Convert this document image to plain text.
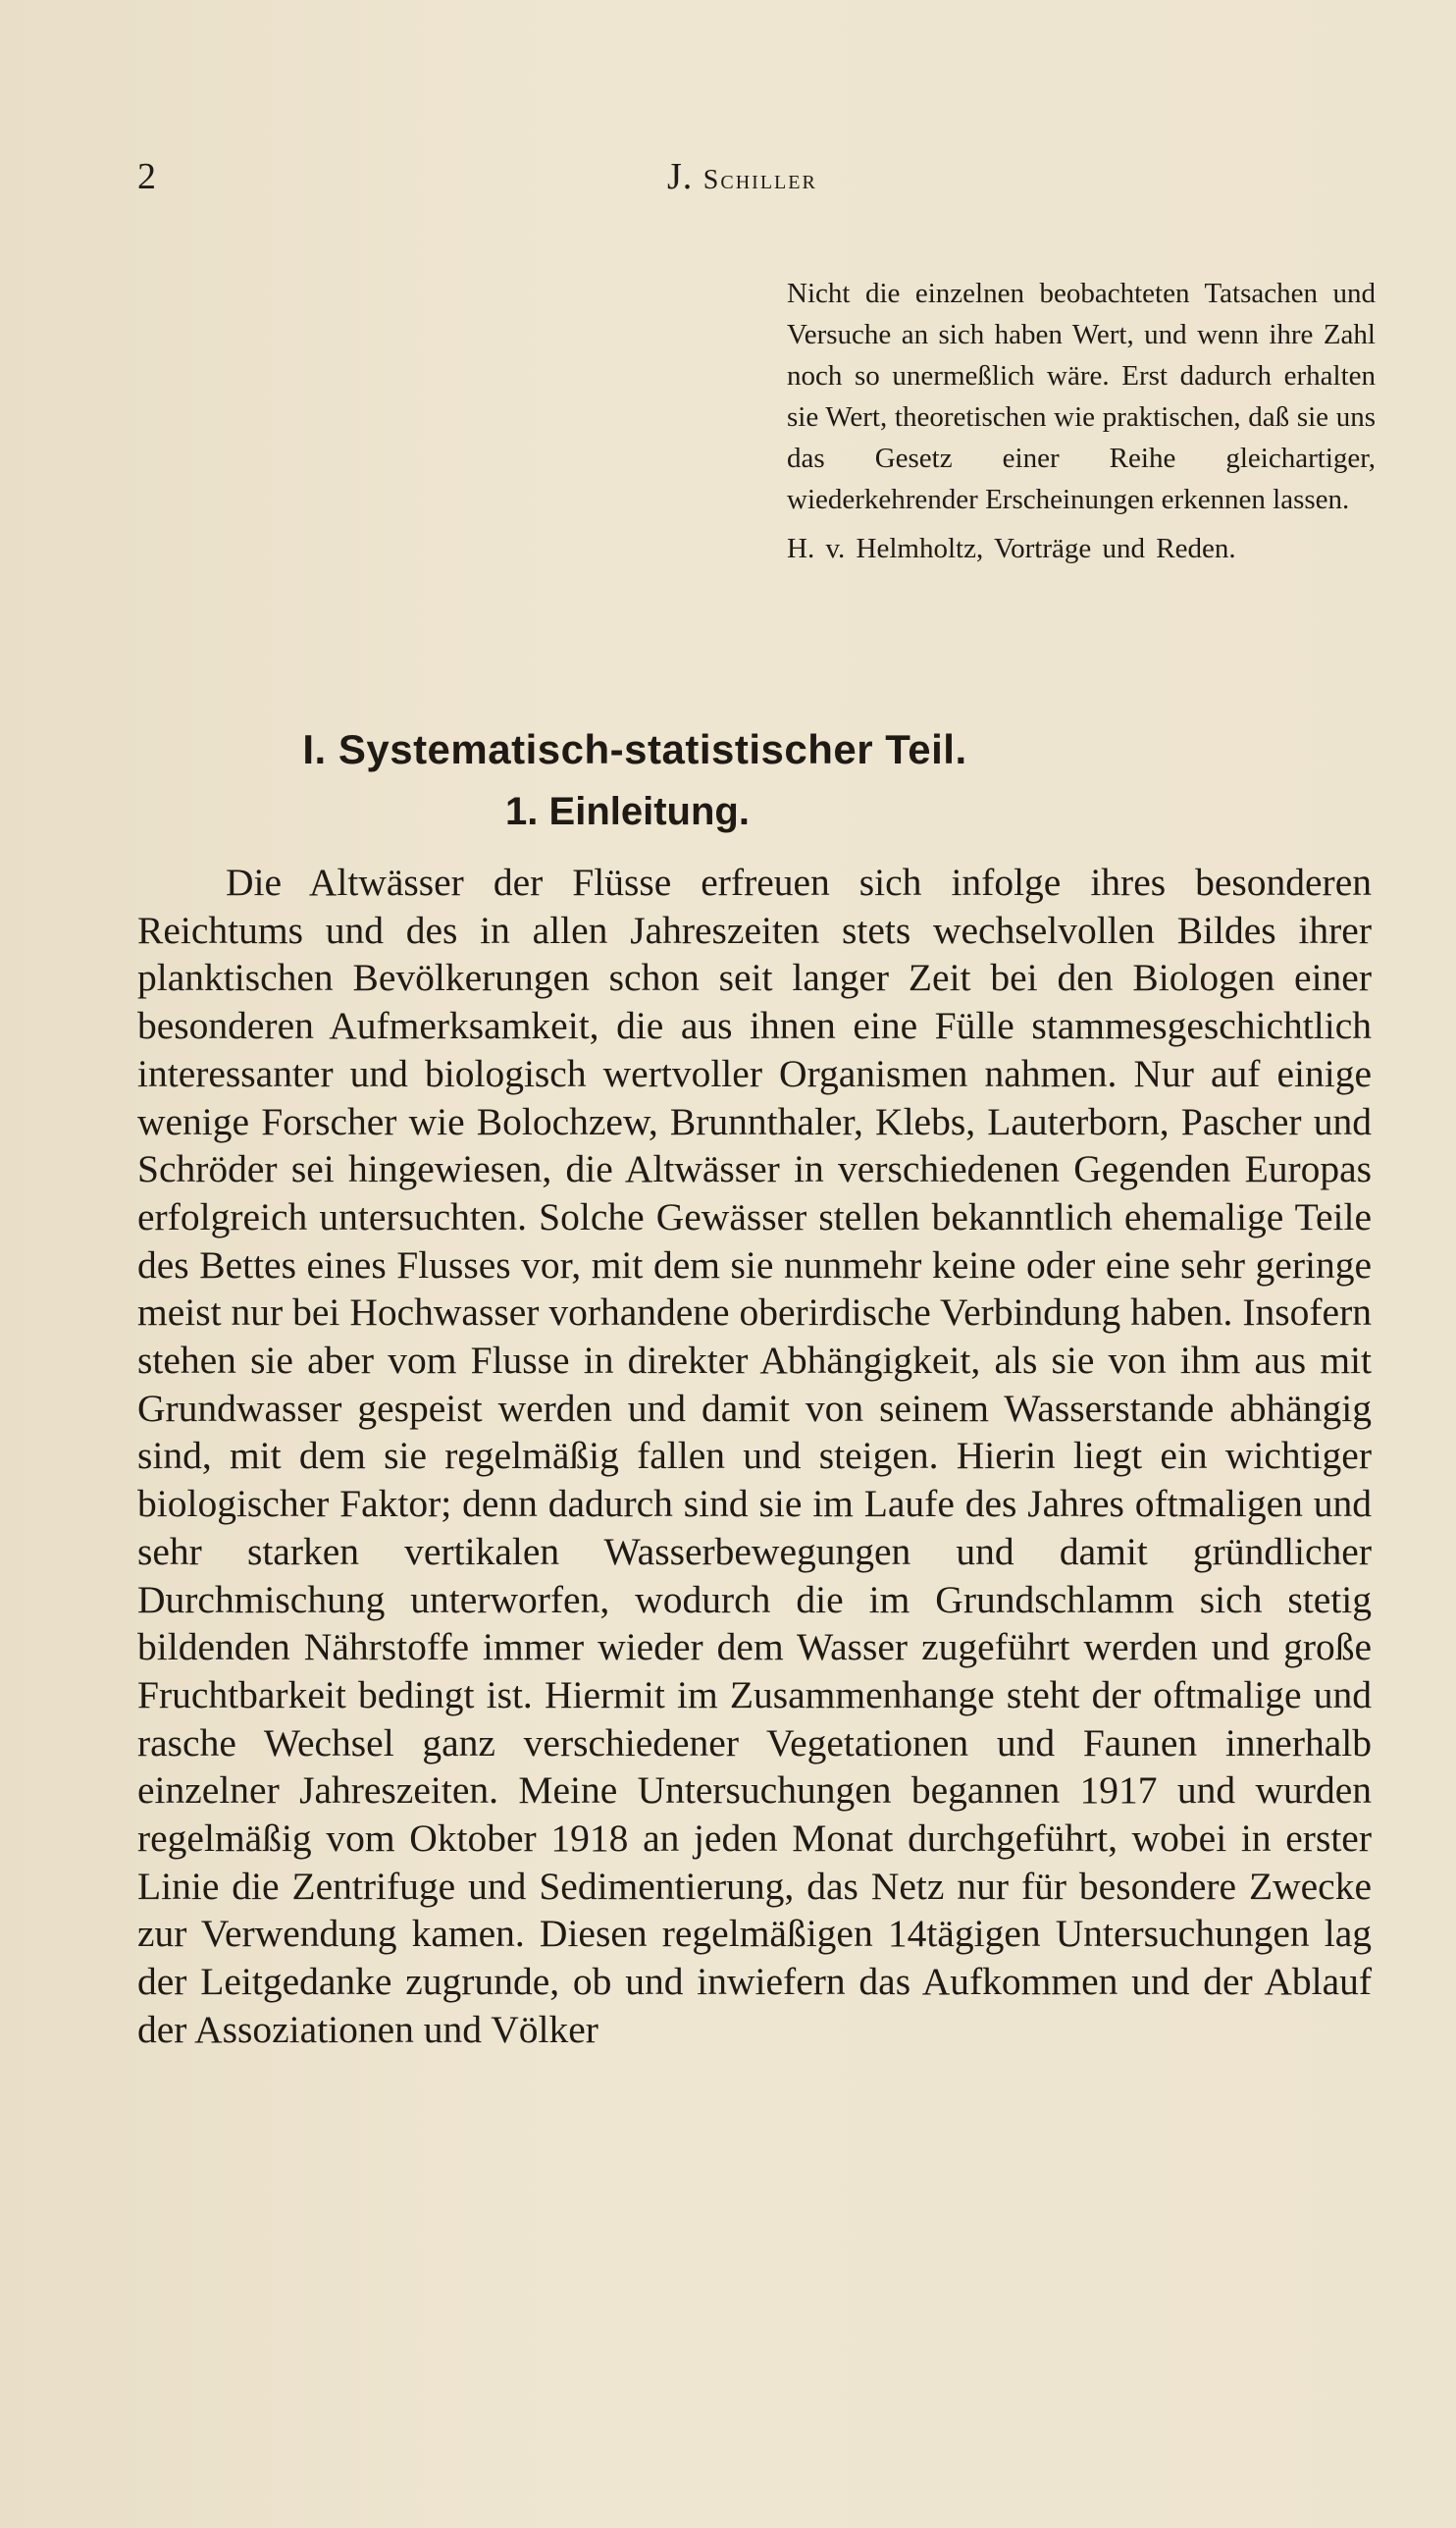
2	J. Schiller

Nicht die einzelnen beobachteten Tatsachen und Versuche an sich haben Wert, und wenn ihre Zahl noch so unermeßlich wäre. Erst dadurch erhalten sie Wert, theoretischen wie praktischen, daß sie uns das Gesetz einer Reihe gleichartiger, wiederkehrender Erscheinungen erkennen lassen.

H. v. Helmholtz, Vorträge und Reden.

I. Systematisch-statistischer Teil.
1. Einleitung.

Die Altwässer der Flüsse erfreuen sich infolge ihres besonderen Reichtums und des in allen Jahreszeiten stets wechselvollen Bildes ihrer planktischen Bevölkerungen schon seit langer Zeit bei den Biologen einer besonderen Aufmerksamkeit, die aus ihnen eine Fülle stammesgeschichtlich interessanter und biologisch wertvoller Organismen nahmen. Nur auf einige wenige Forscher wie Bolochzew, Brunnthaler, Klebs, Lauterborn, Pascher und Schröder sei hingewiesen, die Altwässer in verschiedenen Gegenden Europas erfolgreich untersuchten. Solche Gewässer stellen bekanntlich ehemalige Teile des Bettes eines Flusses vor, mit dem sie nunmehr keine oder eine sehr geringe meist nur bei Hochwasser vorhandene oberirdische Verbindung haben. Insofern stehen sie aber vom Flusse in direkter Abhängigkeit, als sie von ihm aus mit Grundwasser gespeist werden und damit von seinem Wasserstande abhängig sind, mit dem sie regelmäßig fallen und steigen. Hierin liegt ein wichtiger biologischer Faktor; denn dadurch sind sie im Laufe des Jahres oftmaligen und sehr starken vertikalen Wasserbewegungen und damit gründlicher Durchmischung unterworfen, wodurch die im Grundschlamm sich stetig bildenden Nährstoffe immer wieder dem Wasser zugeführt werden und große Fruchtbarkeit bedingt ist. Hiermit im Zusammenhange steht der oftmalige und rasche Wechsel ganz verschiedener Vegetationen und Faunen innerhalb einzelner Jahreszeiten. Meine Untersuchungen begannen 1917 und wurden regelmäßig vom Oktober 1918 an jeden Monat durchgeführt, wobei in erster Linie die Zentrifuge und Sedimentierung, das Netz nur für besondere Zwecke zur Verwendung kamen. Diesen regelmäßigen 14tägigen Untersuchungen lag der Leitgedanke zugrunde, ob und inwiefern das Aufkommen und der Ablauf der Assoziationen und Völker
